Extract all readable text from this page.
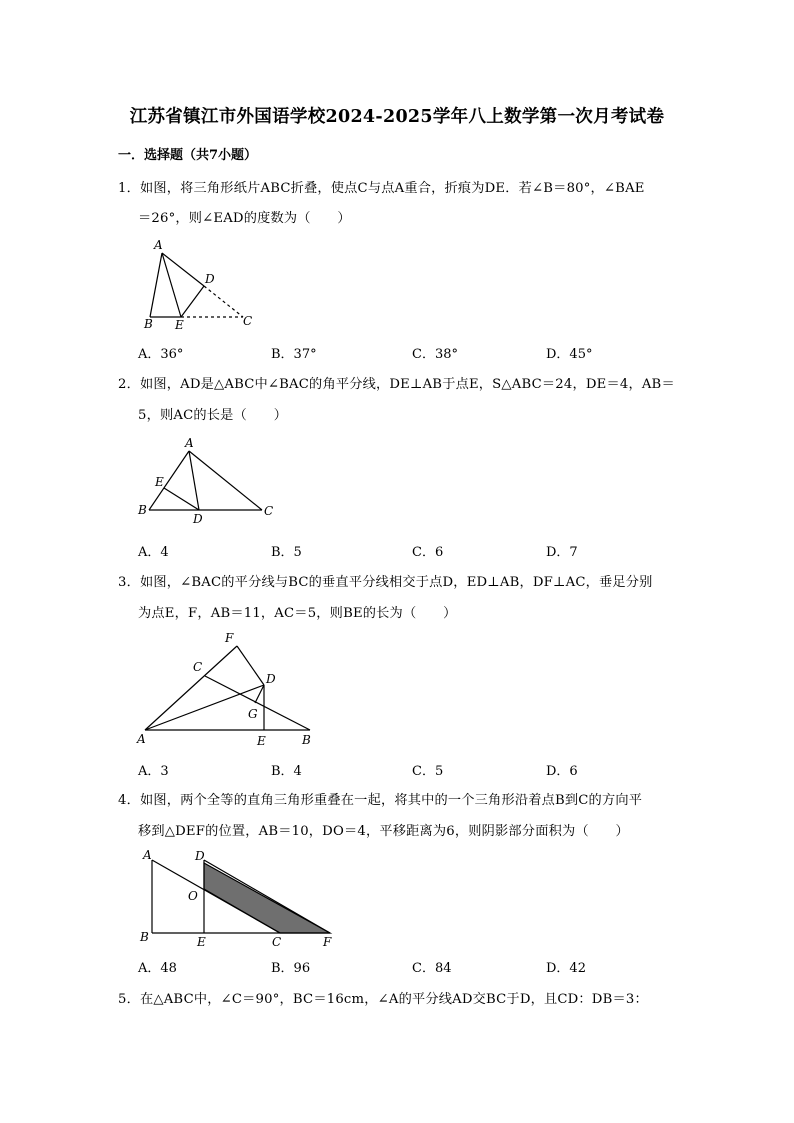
江苏省镇江市外国语学校2024-2025学年八上数学第一次月考试卷
一．选择题（共7小题）
1．如图，将三角形纸片ABC折叠，使点C与点A重合，折痕为DE．若∠B＝80°，∠BAE
＝26°，则∠EAD的度数为（　　）
2．如图，AD是△ABC中∠BAC的角平分线，DE⊥AB于点E，S△ABC＝24，DE＝4，AB＝
5，则AC的长是（　　）
3．如图，∠BAC的平分线与BC的垂直平分线相交于点D，ED⊥AB，DF⊥AC，垂足分别
为点E，F，AB＝11，AC＝5，则BE的长为（　　）
4．如图，两个全等的直角三角形重叠在一起，将其中的一个三角形沿着点B到C的方向平
移到△DEF的位置，AB＝10，DO＝4，平移距离为6，则阴影部分面积为（　　）
5．在△ABC中，∠C＝90°，BC＝16cm，∠A的平分线AD交BC于D，且CD：DB＝3：
A．36°	B．37°	C．38°	D．45°
A．4	B．5	C．6	D．7
A．3	B．4	C．5	D．6
A．48	B．96	C．84	D．42
A
B E	C
D
A
E
B
D
C
F
C
D
G
A	E	B
A	D
O
B	E	C	F
